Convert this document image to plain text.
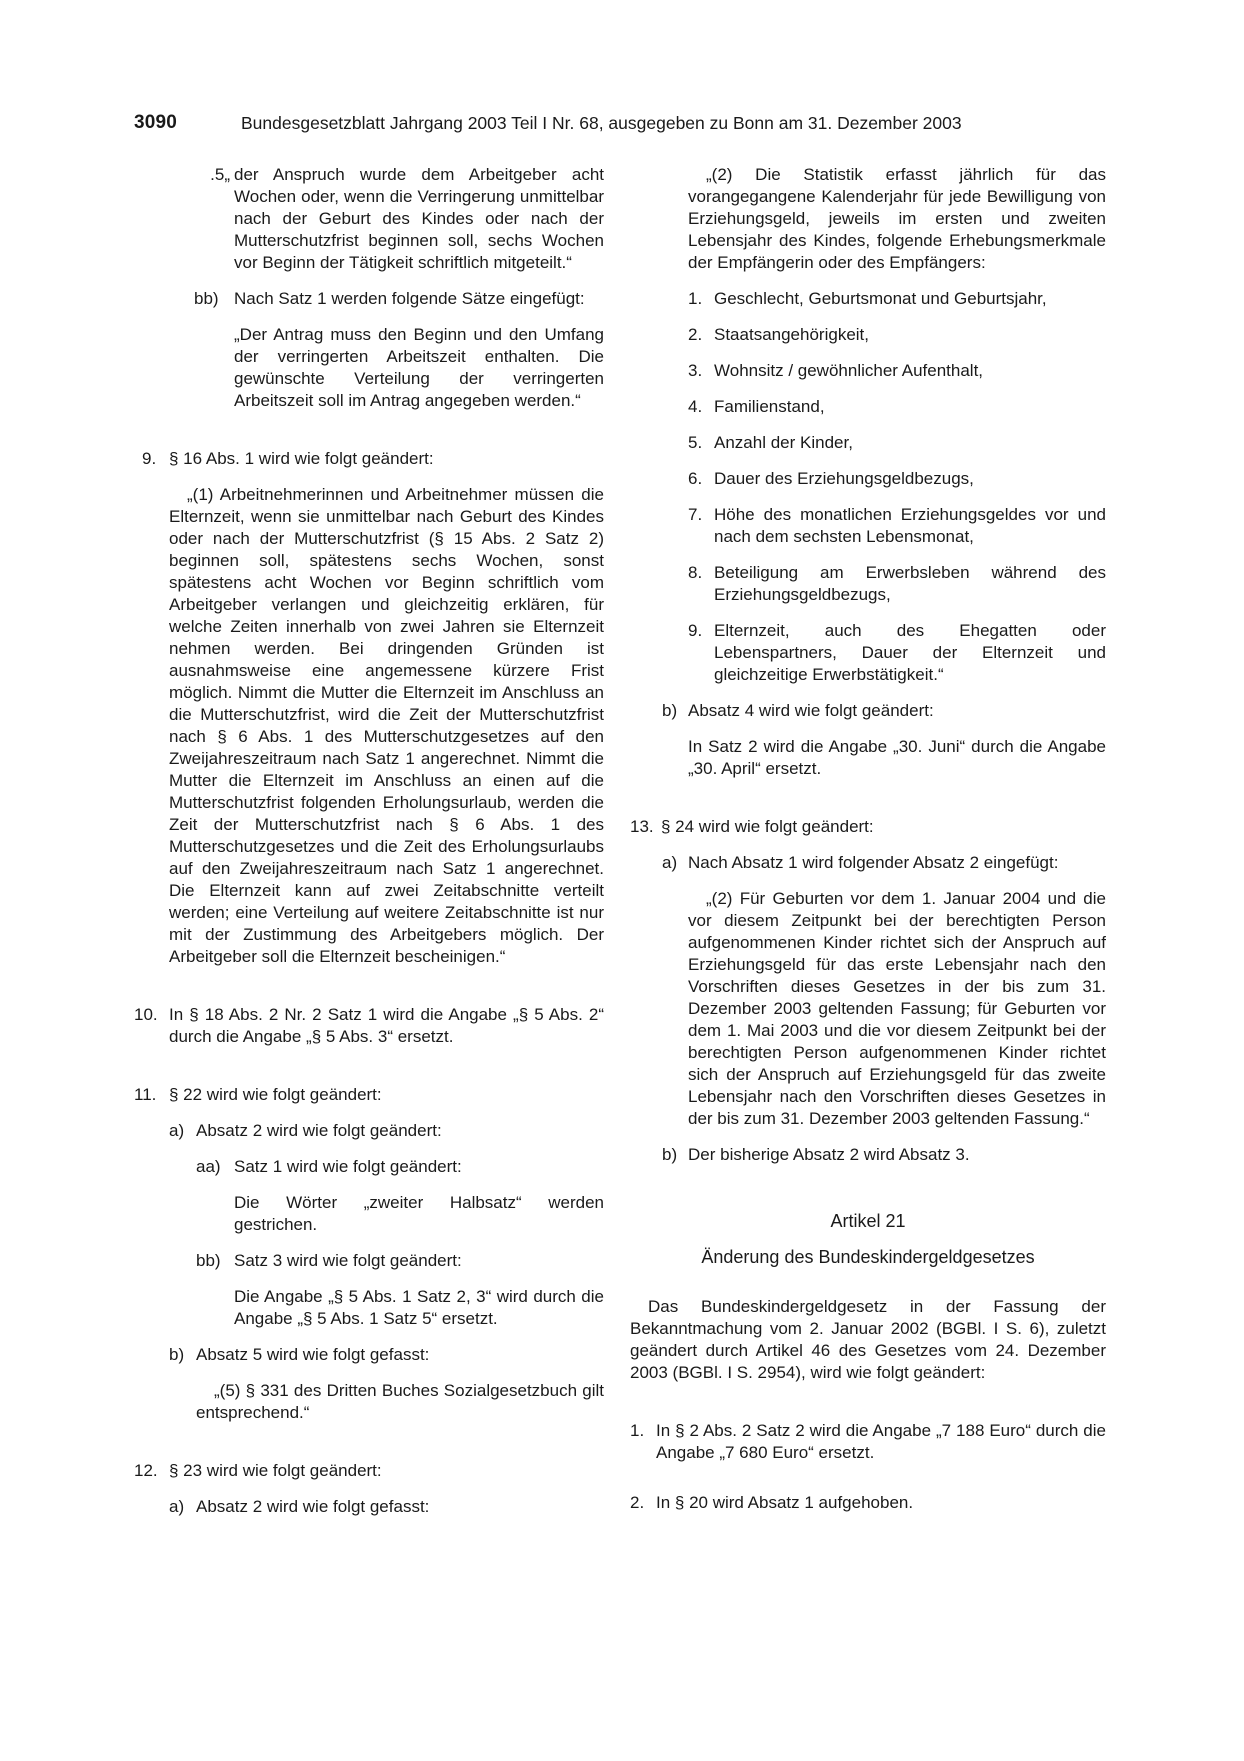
3090	Bundesgesetzblatt Jahrgang 2003 Teil I Nr. 68, ausgegeben zu Bonn am 31. Dezember 2003
„5. der Anspruch wurde dem Arbeitgeber acht Wochen oder, wenn die Verringerung unmittelbar nach der Geburt des Kindes oder nach der Mutterschutzfrist beginnen soll, sechs Wochen vor Beginn der Tätigkeit schriftlich mitgeteilt.“
bb) Nach Satz 1 werden folgende Sätze eingefügt:

„Der Antrag muss den Beginn und den Umfang der verringerten Arbeitszeit enthalten. Die gewünschte Verteilung der verringerten Arbeitszeit soll im Antrag angegeben werden.“

9. § 16 Abs. 1 wird wie folgt geändert:

„(1) Arbeitnehmerinnen und Arbeitnehmer müssen die Elternzeit, wenn sie unmittelbar nach Geburt des Kindes oder nach der Mutterschutzfrist (§ 15 Abs. 2 Satz 2) beginnen soll, spätestens sechs Wochen, sonst spätestens acht Wochen vor Beginn schriftlich vom Arbeitgeber verlangen und gleichzeitig erklären, für welche Zeiten innerhalb von zwei Jahren sie Elternzeit nehmen werden. Bei dringenden Gründen ist ausnahmsweise eine angemessene kürzere Frist möglich. Nimmt die Mutter die Elternzeit im Anschluss an die Mutterschutzfrist, wird die Zeit der Mutterschutzfrist nach § 6 Abs. 1 des Mutterschutzgesetzes auf den Zweijahreszeitraum nach Satz 1 angerechnet. Nimmt die Mutter die Elternzeit im Anschluss an einen auf die Mutterschutzfrist folgenden Erholungsurlaub, werden die Zeit der Mutterschutzfrist nach § 6 Abs. 1 des Mutterschutzgesetzes und die Zeit des Erholungsurlaubs auf den Zweijahreszeitraum nach Satz 1 angerechnet. Die Elternzeit kann auf zwei Zeitabschnitte verteilt werden; eine Verteilung auf weitere Zeitabschnitte ist nur mit der Zustimmung des Arbeitgebers möglich. Der Arbeitgeber soll die Elternzeit bescheinigen.“

10. In § 18 Abs. 2 Nr. 2 Satz 1 wird die Angabe „§ 5 Abs. 2“ durch die Angabe „§ 5 Abs. 3“ ersetzt.
11. § 22 wird wie folgt geändert:
a) Absatz 2 wird wie folgt geändert:
aa) Satz 1 wird wie folgt geändert:

Die Wörter „zweiter Halbsatz“ werden gestrichen.

bb) Satz 3 wird wie folgt geändert:

Die Angabe „§ 5 Abs. 1 Satz 2, 3“ wird durch die Angabe „§ 5 Abs. 1 Satz 5“ ersetzt.

b) Absatz 5 wird wie folgt gefasst:

„(5) § 331 des Dritten Buches Sozialgesetzbuch gilt entsprechend.“

12. § 23 wird wie folgt geändert:
a) Absatz 2 wird wie folgt gefasst:

„(2) Die Statistik erfasst jährlich für das vorangegangene Kalenderjahr für jede Bewilligung von Erziehungsgeld, jeweils im ersten und zweiten Lebensjahr des Kindes, folgende Erhebungsmerkmale der Empfängerin oder des Empfängers:

1. Geschlecht, Geburtsmonat und Geburtsjahr,
2. Staatsangehörigkeit,
3. Wohnsitz / gewöhnlicher Aufenthalt,
4. Familienstand,
5. Anzahl der Kinder,
6. Dauer des Erziehungsgeldbezugs,
7. Höhe des monatlichen Erziehungsgeldes vor und nach dem sechsten Lebensmonat,
8. Beteiligung am Erwerbsleben während des Erziehungsgeldbezugs,
9. Elternzeit, auch des Ehegatten oder Lebenspartners, Dauer der Elternzeit und gleichzeitige Erwerbstätigkeit.“
b) Absatz 4 wird wie folgt geändert:

In Satz 2 wird die Angabe „30. Juni“ durch die Angabe „30. April“ ersetzt.

13. § 24 wird wie folgt geändert:
a) Nach Absatz 1 wird folgender Absatz 2 eingefügt:

„(2) Für Geburten vor dem 1. Januar 2004 und die vor diesem Zeitpunkt bei der berechtigten Person aufgenommenen Kinder richtet sich der Anspruch auf Erziehungsgeld für das erste Lebensjahr nach den Vorschriften dieses Gesetzes in der bis zum 31. Dezember 2003 geltenden Fassung; für Geburten vor dem 1. Mai 2003 und die vor diesem Zeitpunkt bei der berechtigten Person aufgenommenen Kinder richtet sich der Anspruch auf Erziehungsgeld für das zweite Lebensjahr nach den Vorschriften dieses Gesetzes in der bis zum 31. Dezember 2003 geltenden Fassung.“

b) Der bisherige Absatz 2 wird Absatz 3.

Artikel 21

Änderung des Bundeskindergeldgesetzes

Das Bundeskindergeldgesetz in der Fassung der Bekanntmachung vom 2. Januar 2002 (BGBl. I S. 6), zuletzt geändert durch Artikel 46 des Gesetzes vom 24. Dezember 2003 (BGBl. I S. 2954), wird wie folgt geändert:

1. In § 2 Abs. 2 Satz 2 wird die Angabe „7 188 Euro“ durch die Angabe „7 680 Euro“ ersetzt.
2. In § 20 wird Absatz 1 aufgehoben.
